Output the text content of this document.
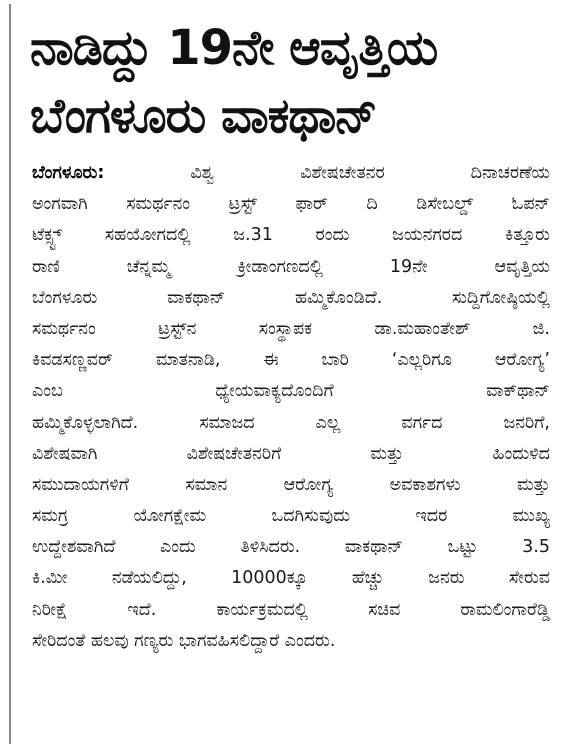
ನಾಡಿದ್ದು 19ನೇ ಆವೃತ್ತಿಯ
ಬೆಂಗಳೂರು ವಾಕಥಾನ್
ಬೆಂಗಳೂರು:	ವಿಶ್ವ ವಿಶೇಷಚೇತನರ ದಿನಾಚರಣೆಯ
ಅಂಗವಾಗಿ ಸಮರ್ಥನಂ ಟ್ರಸ್ಟ್ ಫಾರ್‌ ದಿ ಡಿಸೇಬಲ್ಡ್ ಓಪನ್
ಟೆಕ್ಸ್ಟ್ ಸಹಯೋಗದಲ್ಲಿ ಜ.31 ರಂದು ಜಯನಗರದ ಕಿತ್ತೂರು
ರಾಣಿ ಚೆನ್ನಮ್ಮ ಕ್ರೀಡಾಂಗಣದಲ್ಲಿ 19ನೇ ಆವೃತ್ತಿಯ
ಬೆಂಗಳೂರು ವಾಕಥಾನ್ ಹಮ್ಮಿಕೊಂಡಿದೆ. ಸುದ್ದಿಗೋಷ್ಠಿಯಲ್ಲಿ
ಸಮರ್ಥನಂ ಟ್ರಸ್ಟ್‌ನ ಸಂಸ್ಥಾಪಕ ಡಾ.ಮಹಾಂತೇಶ್ ಜಿ.
ಕಿವಡಸಣ್ಣವರ್ ಮಾತನಾಡಿ, ಈ ಬಾರಿ ‘ಎಲ್ಲರಿಗೂ ಆರೋಗ್ಯ’
ಎಂಬ ಧ್ಯೇಯವಾಕ್ಯದೊಂದಿಗೆ ವಾಕ್‌ಥಾನ್
ಹಮ್ಮಿಕೊಳ್ಳಲಾಗಿದೆ. ಸಮಾಜದ ಎಲ್ಲ ವರ್ಗದ ಜನರಿಗೆ,
ವಿಶೇಷವಾಗಿ ವಿಶೇಷಚೇತನರಿಗೆ ಮತ್ತು ಹಿಂದುಳಿದ
ಸಮುದಾಯಗಳಿಗೆ ಸಮಾನ ಆರೋಗ್ಯ ಅವಕಾಶಗಳು ಮತ್ತು
ಸಮಗ್ರ ಯೋಗಕ್ಷೇಮ ಒದಗಿಸುವುದು ಇದರ ಮುಖ್ಯ
ಉದ್ದೇಶವಾಗಿದೆ ಎಂದು ತಿಳಿಸಿದರು. ವಾಕಥಾನ್ ಒಟ್ಟು 3.5
ಕಿ.ಮೀ ನಡೆಯಲಿದ್ದು, 10000ಕ್ಕೂ ಹೆಚ್ಚು ಜನರು ಸೇರುವ
ನಿರೀಕ್ಷೆ ಇದೆ. ಕಾರ್ಯಕ್ರಮದಲ್ಲಿ ಸಚಿವ ರಾಮಲಿಂಗಾರೆಡ್ಡಿ
ಸೇರಿದಂತೆ ಹಲವು ಗಣ್ಯರು ಭಾಗವಹಿಸಲಿದ್ದಾರೆ ಎಂದರು.
